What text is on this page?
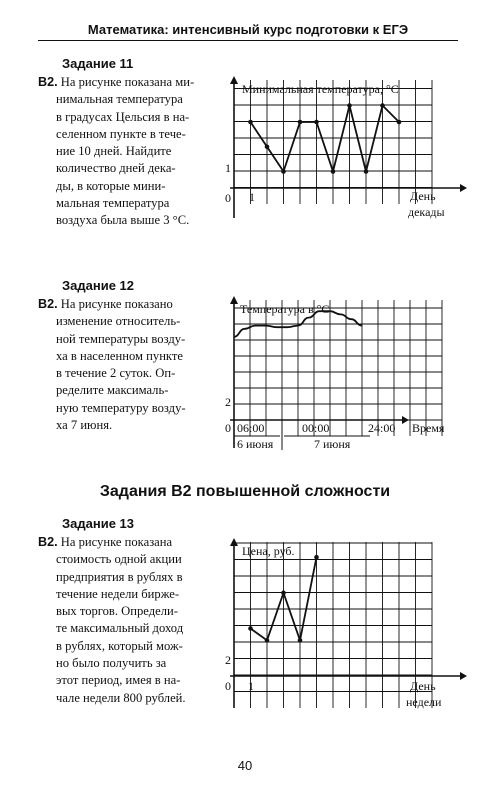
Математика: интенсивный курс подготовки к ЕГЭ
Задание 11
B2. На рисунке показана ми-
нимальная температура
в градусах Цельсия в на-
селенном пункте в тече-
ние 10 дней. Найдите
количество дней дека-
ды, в которые мини-
мальная температура
воздуха была выше 3 °С.
Минимальная температура, °С
1
0 1	День
декады
Задание 12
B2. На рисунке показано
изменение относитель-
ной температуры возду-
ха в населенном пункте
в течение 2 суток. Оп-
ределите максималь-
ную температуру возду-
ха 7 июня.
Температура в °С
2
0 06:00	00:00	24:00 Время
6 июня	7 июня
Задания В2 повышенной сложности
Задание 13
B2. На рисунке показана
стоимость одной акции
предприятия в рублях в
течение недели бирже-
вых торгов. Определи-
те максимальный доход
в рублях, который мож-
но было получить за
этот период, имея в на-
чале недели 800 рублей.
Цена, руб.
2
0 1	День
недели
40
